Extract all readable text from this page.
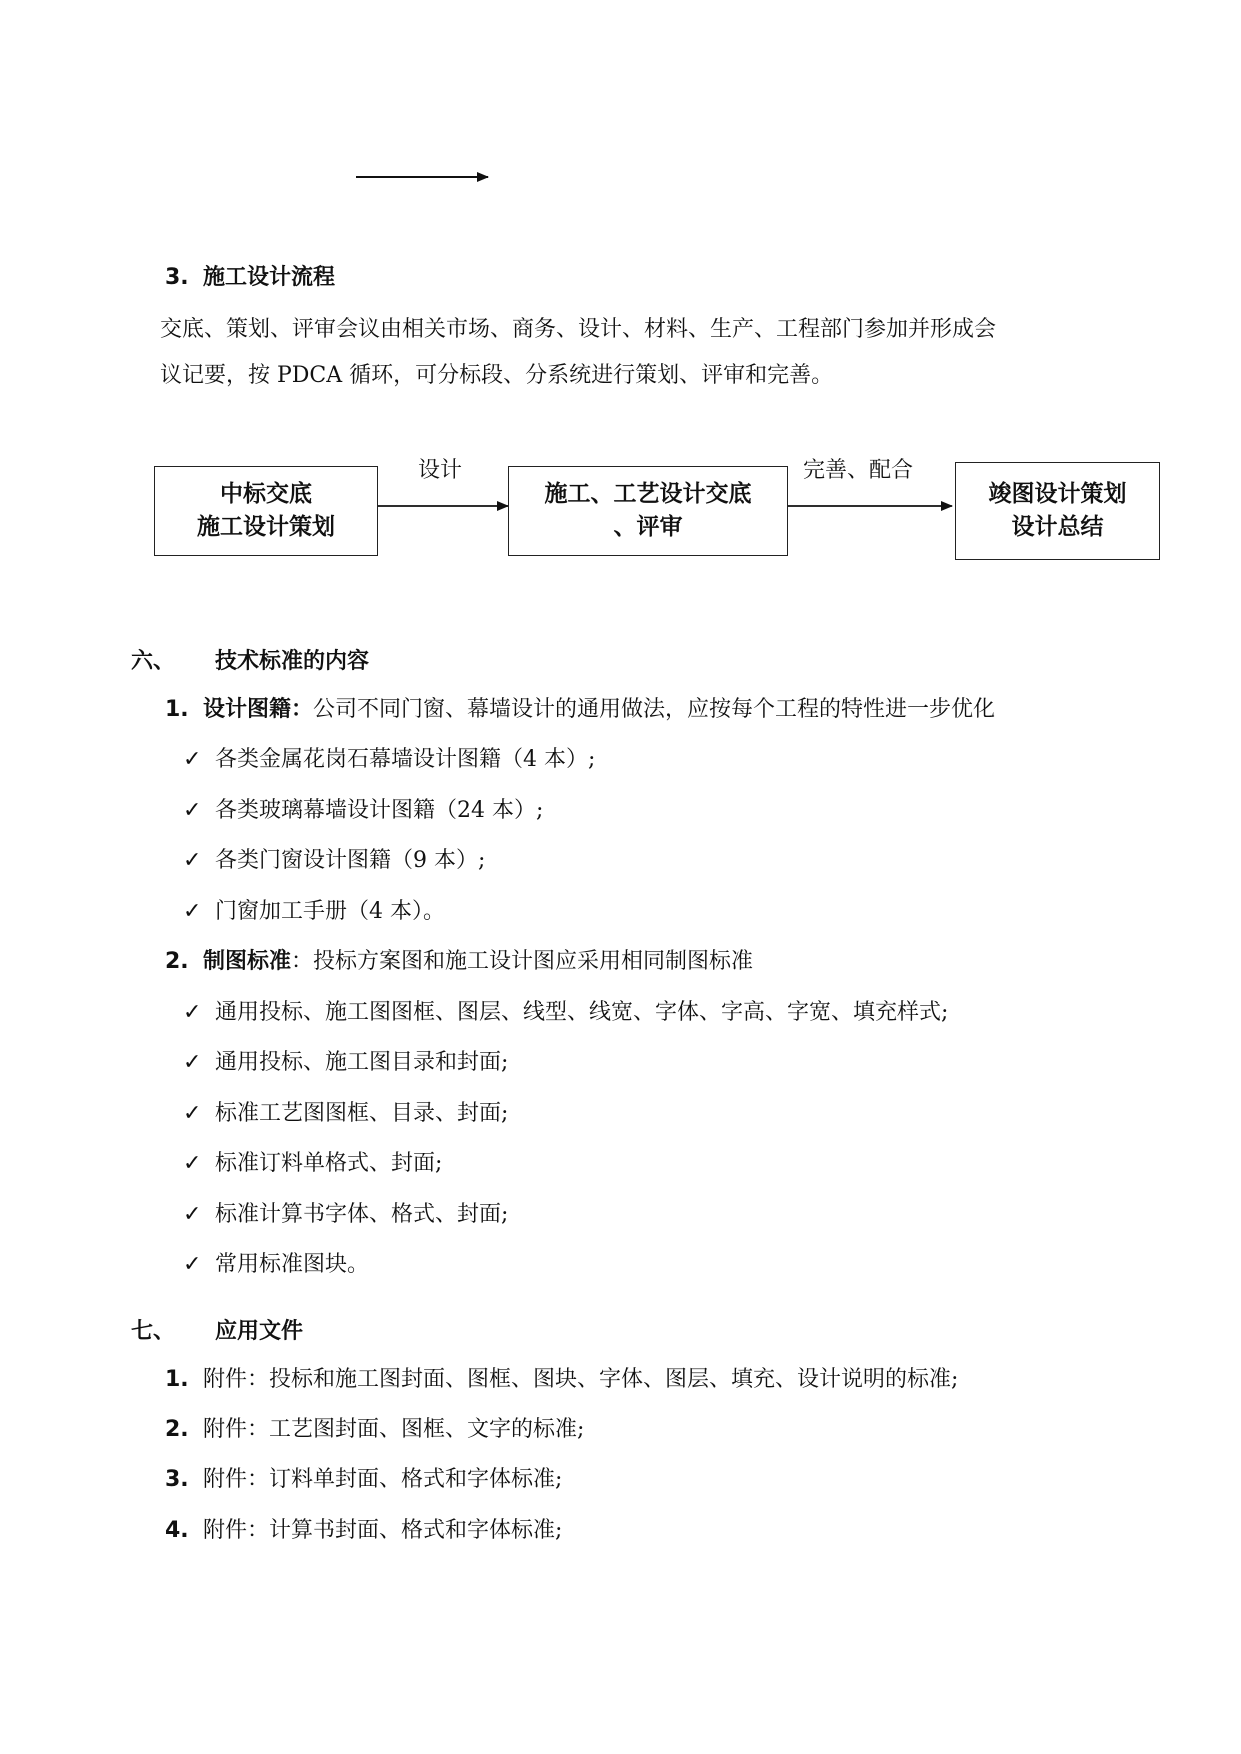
3. 施工设计流程
交底、策划、评审会议由相关市场、商务、设计、材料、生产、工程部门参加并形成会
议记要，按 PDCA 循环，可分标段、分系统进行策划、评审和完善。
中标交底
施工设计策划
设计
施工、工艺设计交底
、评审
完善、配合
竣图设计策划
设计总结
六、 技术标准的内容
1. 设计图籍：公司不同门窗、幕墙设计的通用做法，应按每个工程的特性进一步优化
✓ 各类金属花岗石幕墙设计图籍（4 本）;
✓ 各类玻璃幕墙设计图籍（24 本）;
✓ 各类门窗设计图籍（9 本）;
✓ 门窗加工手册（4 本）。
2. 制图标准：投标方案图和施工设计图应采用相同制图标准
✓ 通用投标、施工图图框、图层、线型、线宽、字体、字高、字宽、填充样式;
✓ 通用投标、施工图目录和封面;
✓ 标准工艺图图框、目录、封面;
✓ 标准订料单格式、封面;
✓ 标准计算书字体、格式、封面;
✓ 常用标准图块。
七、 应用文件
1. 附件：投标和施工图封面、图框、图块、字体、图层、填充、设计说明的标准;
2. 附件：工艺图封面、图框、文字的标准;
3. 附件：订料单封面、格式和字体标准;
4. 附件：计算书封面、格式和字体标准;
